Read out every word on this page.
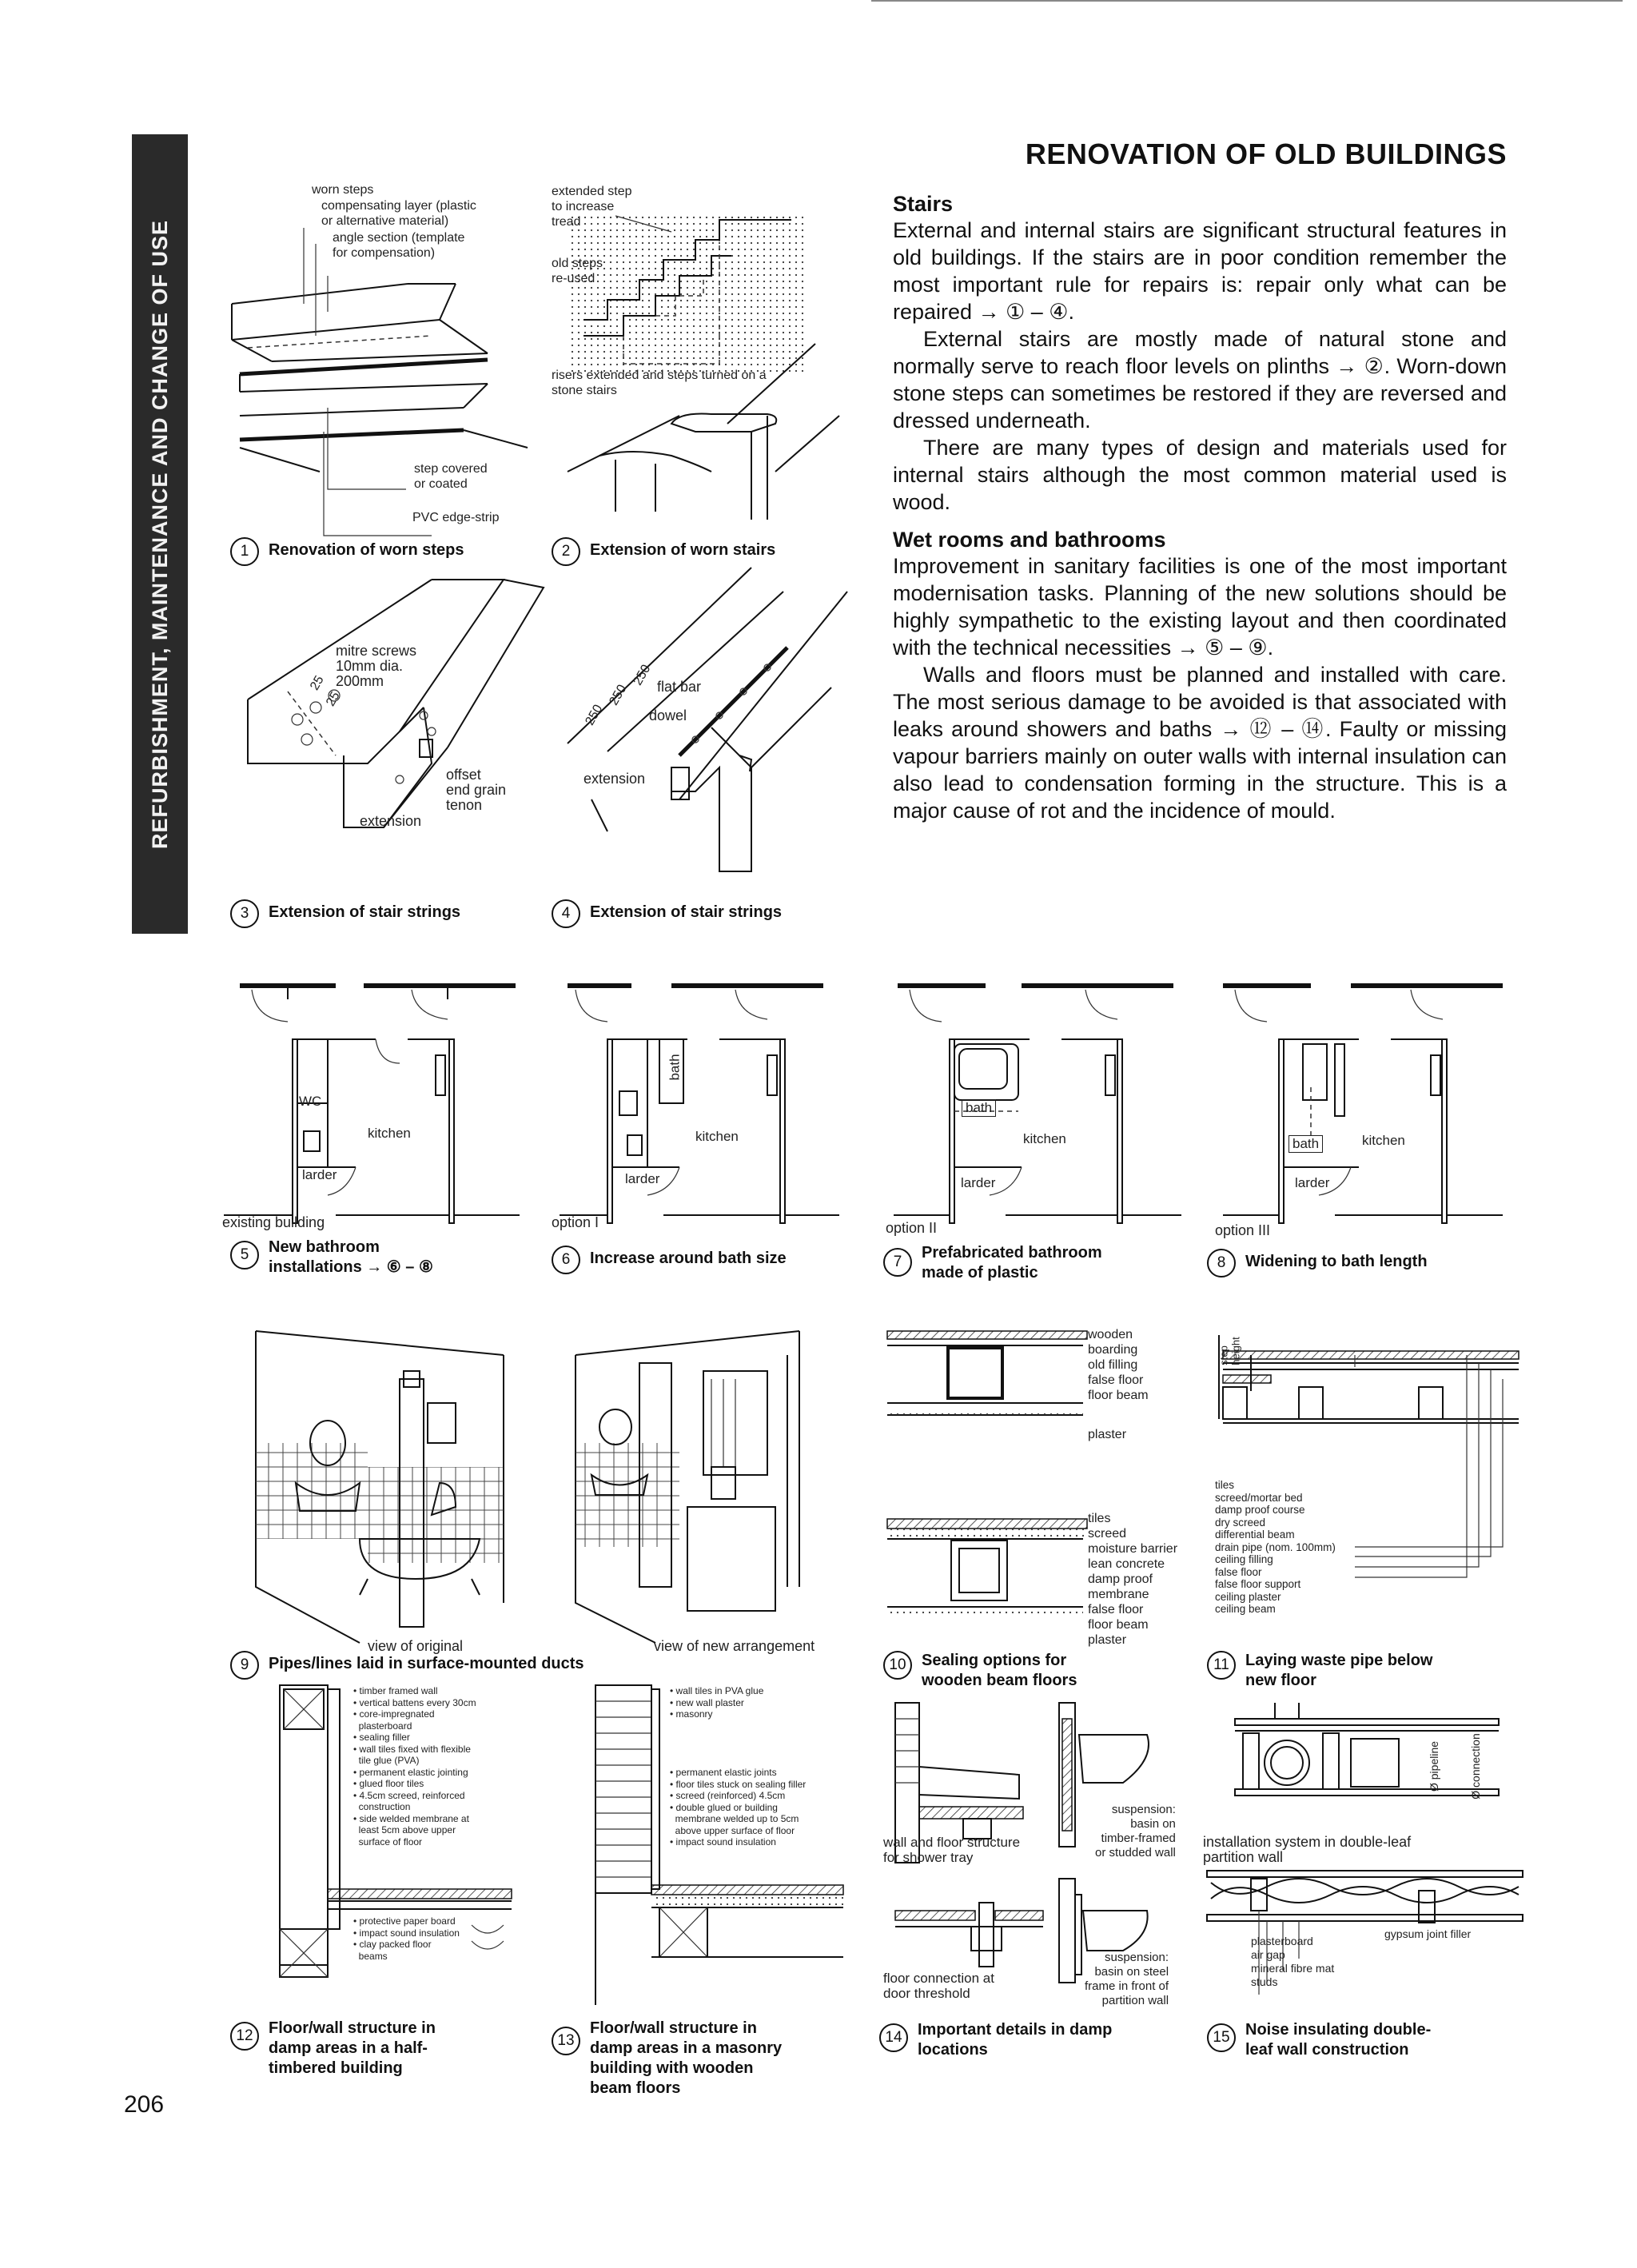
REFURBISHMENT, MAINTENANCE AND CHANGE OF USE
RENOVATION OF OLD BUILDINGS
Stairs

External and internal stairs are significant structural features in old buildings. If the stairs are in poor condition remember the most important rule for repairs is: repair only what can be repaired → ① – ④.

External stairs are mostly made of natural stone and normally serve to reach floor levels on plinths → ②. Worn-down stone steps can sometimes be restored if they are reversed and dressed underneath.

There are many types of design and materials used for internal stairs although the most common material used is wood.

Wet rooms and bathrooms

Improvement in sanitary facilities is one of the most important modernisation tasks. Planning of the new solutions should be highly sympathetic to the existing layout and then coordinated with the technical necessities → ⑤ – ⑨.

Walls and floors must be planned and installed with care. The most serious damage to be avoided is that associated with leaks around showers and baths → ⑫ – ⑭. Faulty or missing vapour barriers mainly on outer walls with internal insulation can also lead to condensation forming in the structure. This is a major cause of rot and the incidence of mould.

worn steps
compensating layer (plastic
or alternative material)
angle section (template
for compensation)
step covered
or coated
PVC edge-strip
1	Renovation of worn steps
extended step
to increase
tread
old steps
re-used
risers extended and steps turned on a
stone stairs
2	Extension of worn stairs
mitre screws
10mm dia.
200mm
25
25
offset
end grain
tenon
extension
3	Extension of stair strings
250
250
250 flat bar
dowel
extension
4	Extension of stair strings
WC
kitchen
larder
existing building
5	New bathroom
installations → ⑥ – ⑧
bath
kitchen
larder
option I
6	Increase around bath size
bath
kitchen
larder
option II
7
Prefabricated bathroom
made of plastic
bath	kitchen
larder
option III
8	Widening to bath length
view of original	view of new arrangement
9	Pipes/lines laid in surface-mounted ducts
wooden
boarding
old filling
false floor
floor beam
plaster
tiles
screed
moisture barrier
lean concrete
damp proof
membrane
false floor
floor beam
plaster
10 Sealing options for
wooden beam floors
step
height
tiles
screed/mortar bed
damp proof course
dry screed
differential beam
drain pipe (nom. 100mm)
ceiling filling
false floor
false floor support
ceiling plaster
ceiling beam
11	Laying waste pipe below
new floor
• timber framed wall
• vertical battens every 30cm
• core-impregnated
plasterboard
• sealing filler
• wall tiles fixed with flexible
tile glue (PVA)
• permanent elastic jointing
• glued floor tiles
• 4.5cm screed, reinforced
construction
• side welded membrane at
least 5cm above upper
surface of floor
• protective paper board
• impact sound insulation
• clay packed floor
beams
12 Floor/wall structure in
damp areas in a half-
timbered building
• wall tiles in PVA glue
• new wall plaster
• masonry
• permanent elastic joints
• floor tiles stuck on sealing filler
• screed (reinforced) 4.5cm
• double glued or building
membrane welded up to 5cm
above upper surface of floor
• impact sound insulation
13
Floor/wall structure in
damp areas in a masonry
building with wooden
beam floors
wall and floor structure
for shower tray
suspension:
basin on
timber-framed
or studded wall
floor connection at
door threshold
suspension:
basin on steel
frame in front of
partition wall
14 Important details in damp
locations
installation system in double-leaf
partition wall
Ø pipeline	Ø connection
gypsum joint filler
plasterboard
air gap
mineral fibre mat
studs
15 Noise insulating double-
leaf wall construction
206
